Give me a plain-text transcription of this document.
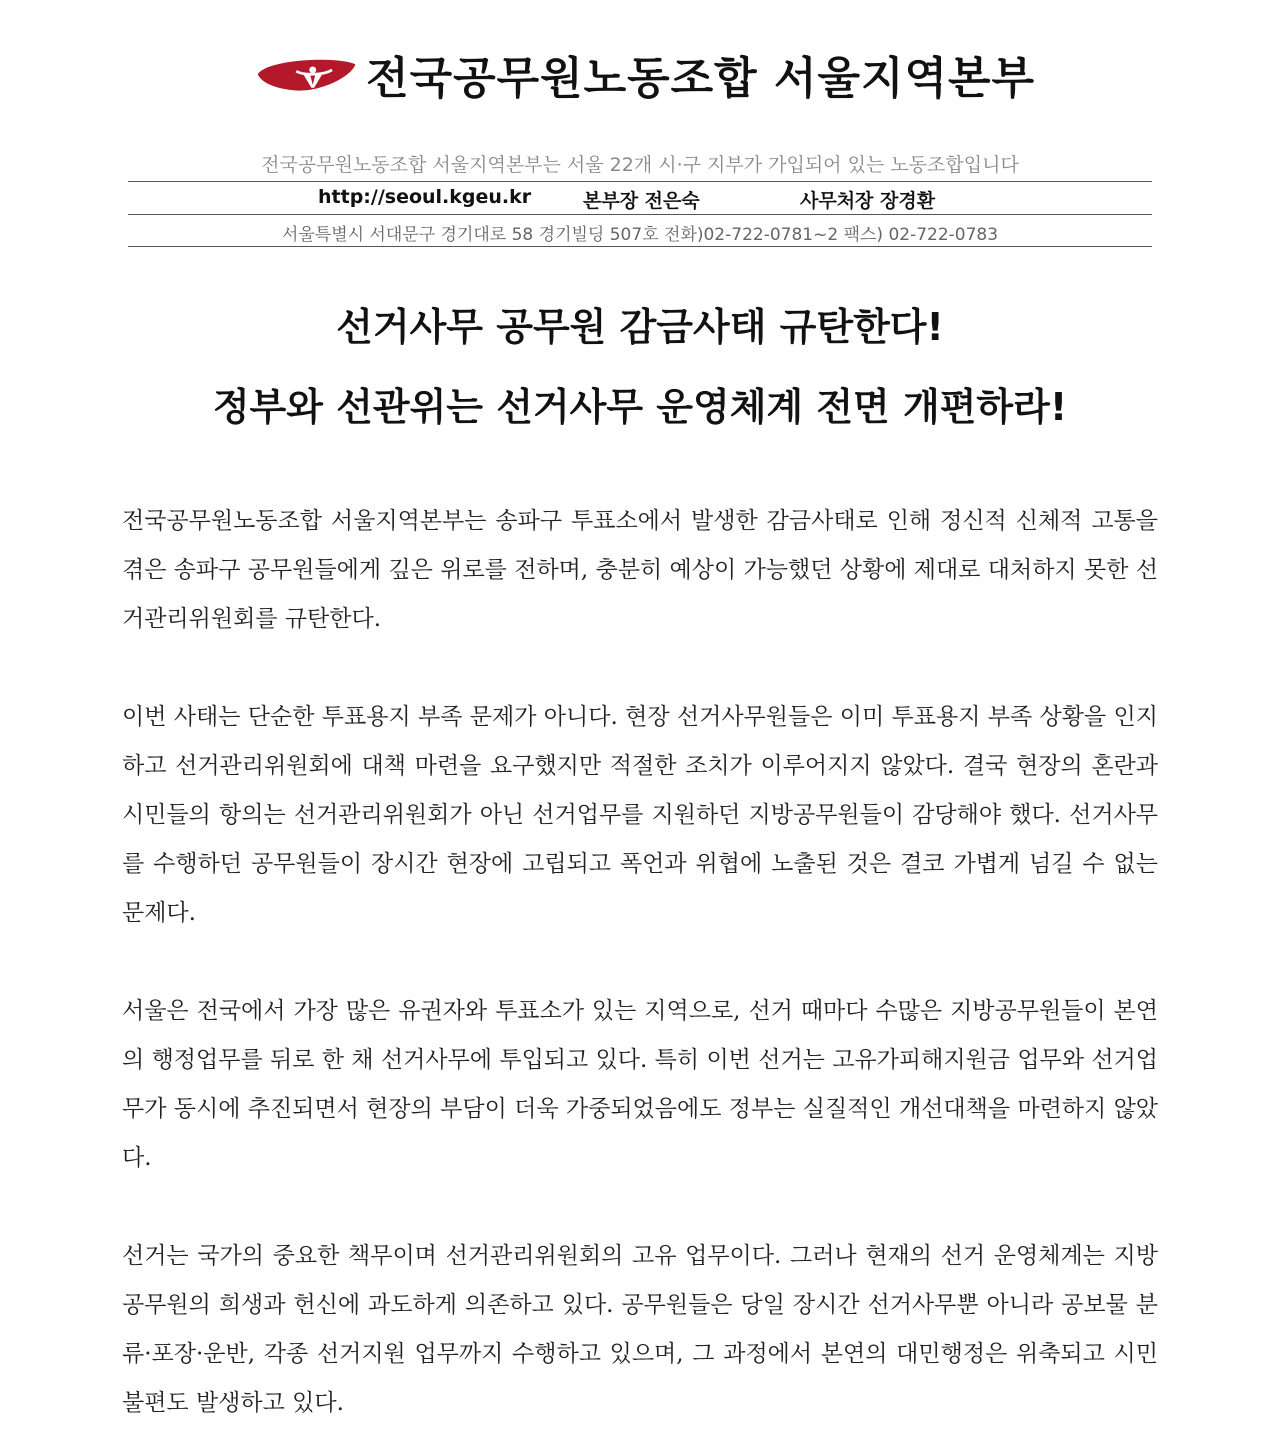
전국공무원노동조합 서울지역본부
전국공무원노동조합 서울지역본부는 서울 22개 시·구 지부가 가입되어 있는 노동조합입니다
http://seoul.kgeu.kr	본부장 전은숙	사무처장 장경환
서울특별시 서대문구 경기대로 58 경기빌딩 507호 전화)02-722-0781~2 팩스) 02-722-0783
선거사무 공무원 감금사태 규탄한다!
정부와 선관위는 선거사무 운영체계 전면 개편하라!

전국공무원노동조합 서울지역본부는 송파구 투표소에서 발생한 감금사태로 인해 정신적 신체적 고통을 겪은 송파구 공무원들에게 깊은 위로를 전하며, 충분히 예상이 가능했던 상황에 제대로 대처하지 못한 선거관리위원회를 규탄한다.

이번 사태는 단순한 투표용지 부족 문제가 아니다. 현장 선거사무원들은 이미 투표용지 부족 상황을 인지하고 선거관리위원회에 대책 마련을 요구했지만 적절한 조치가 이루어지지 않았다. 결국 현장의 혼란과 시민들의 항의는 선거관리위원회가 아닌 선거업무를 지원하던 지방공무원들이 감당해야 했다. 선거사무를 수행하던 공무원들이 장시간 현장에 고립되고 폭언과 위협에 노출된 것은 결코 가볍게 넘길 수 없는 문제다.

서울은 전국에서 가장 많은 유권자와 투표소가 있는 지역으로, 선거 때마다 수많은 지방공무원들이 본연의 행정업무를 뒤로 한 채 선거사무에 투입되고 있다. 특히 이번 선거는 고유가피해지원금 업무와 선거업무가 동시에 추진되면서 현장의 부담이 더욱 가중되었음에도 정부는 실질적인 개선대책을 마련하지 않았다.

선거는 국가의 중요한 책무이며 선거관리위원회의 고유 업무이다. 그러나 현재의 선거 운영체계는 지방공무원의 희생과 헌신에 과도하게 의존하고 있다. 공무원들은 당일 장시간 선거사무뿐 아니라 공보물 분류·포장·운반, 각종 선거지원 업무까지 수행하고 있으며, 그 과정에서 본연의 대민행정은 위축되고 시민 불편도 발생하고 있다.
